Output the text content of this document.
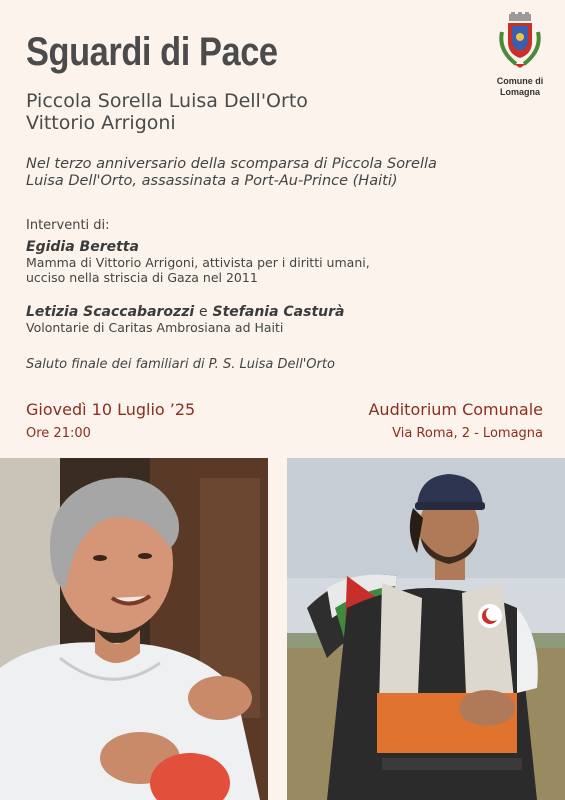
Sguardi di Pace
Piccola Sorella Luisa Dell'Orto
Vittorio Arrigoni
Comune di
Lomagna
Nel terzo anniversario della scomparsa di Piccola Sorella
Luisa Dell'Orto, assassinata a Port-Au-Prince (Haiti)
Interventi di:
Egidia Beretta
Mamma di Vittorio Arrigoni, attivista per i diritti umani,
ucciso nella striscia di Gaza nel 2011
Letizia Scaccabarozzi e Stefania Casturà
Volontarie di Caritas Ambrosiana ad Haiti
Saluto finale dei familiari di P. S. Luisa Dell'Orto
Giovedì 10 Luglio ’25
Ore 21:00
Auditorium Comunale
Via Roma, 2 - Lomagna
